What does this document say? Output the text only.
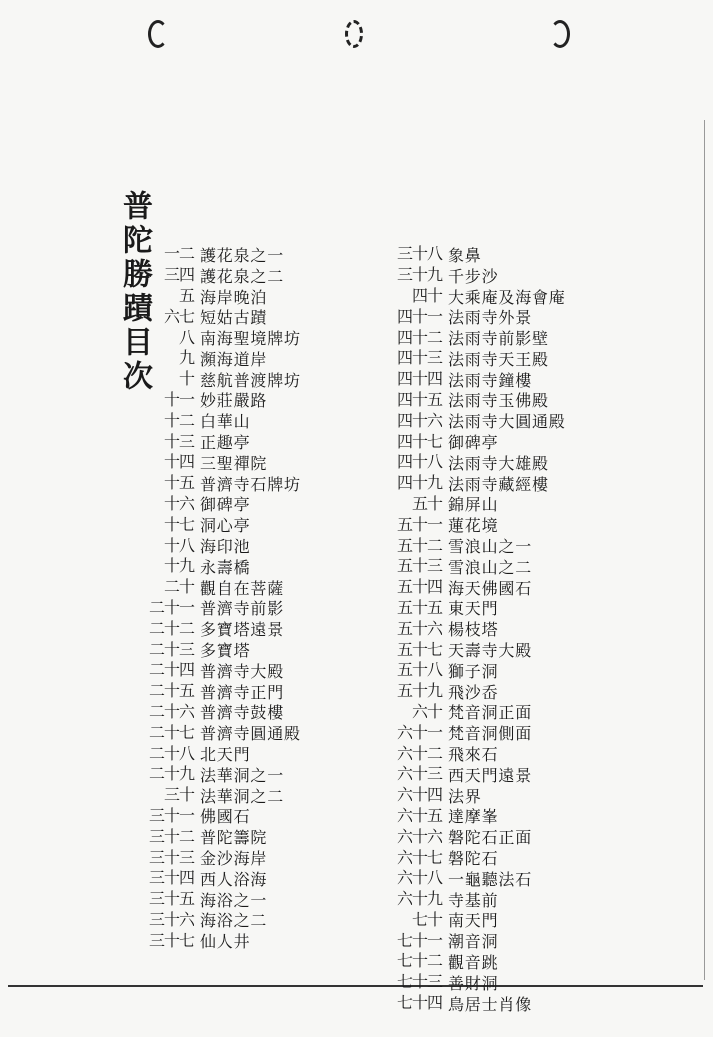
普陀勝蹟目次 一
二 護花泉之一
三
四 護花泉之二
五 海岸晚泊
六
七 短姑古蹟
八 南海聖境牌坊
九 瀕海道岸
十 慈航普渡牌坊
十
一 妙莊嚴路
十
二 白華山
十
三 正趣亭
十
四 三聖禪院
十
五 普濟寺石牌坊
十
六 御碑亭
十
七 洞心亭
十
八 海印池
十
九 永壽橋
二
十 觀自在菩薩
二
十
一 普濟寺前影
二
十
二 多寶塔遠景
二
十
三 多寶塔
二
十
四 普濟寺大殿
二
十
五 普濟寺正門
二
十
六 普濟寺鼓樓
二
十
七 普濟寺圓通殿
二
十
八 北天門
二
十
九 法華洞之一
三
十 法華洞之二
三
十
一 佛國石
三
十
二 普陀籌院
三
十
三 金沙海岸
三
十
四 西人浴海
三
十
五 海浴之一
三
十
六 海浴之二
三
十
七 仙人井
三
十
八 象鼻
三
十
九 千步沙
四
十 大乘庵及海會庵
四
十
一 法雨寺外景
四
十
二 法雨寺前影壁
四
十
三 法雨寺天王殿
四
十
四 法雨寺鐘樓
四
十
五 法雨寺玉佛殿
四
十
六 法雨寺大圓通殿
四
十
七 御碑亭
四
十
八 法雨寺大雄殿
四
十
九 法雨寺藏經樓
五
十 錦屏山
五
十
一 蓮花境
五
十
二 雪浪山之一
五
十
三 雪浪山之二
五
十
四 海天佛國石
五
十
五 東天門
五
十
六 楊枝塔
五
十
七 天壽寺大殿
五
十
八 獅子洞
五
十
九 飛沙岙
六
十 梵音洞正面
六
十
一 梵音洞側面
六
十
二 飛來石
六
十
三 西天門遠景
六
十
四 法界
六
十
五 達摩峯
六
十
六 磐陀石正面
六
十
七 磐陀石
六
十
八 一龜聽法石
六
十
九 寺基前
七
十 南天門
七
十
一 潮音洞
七
十
二 觀音跳
七
十
三 善財洞
七
十
四 鳥居士肖像
